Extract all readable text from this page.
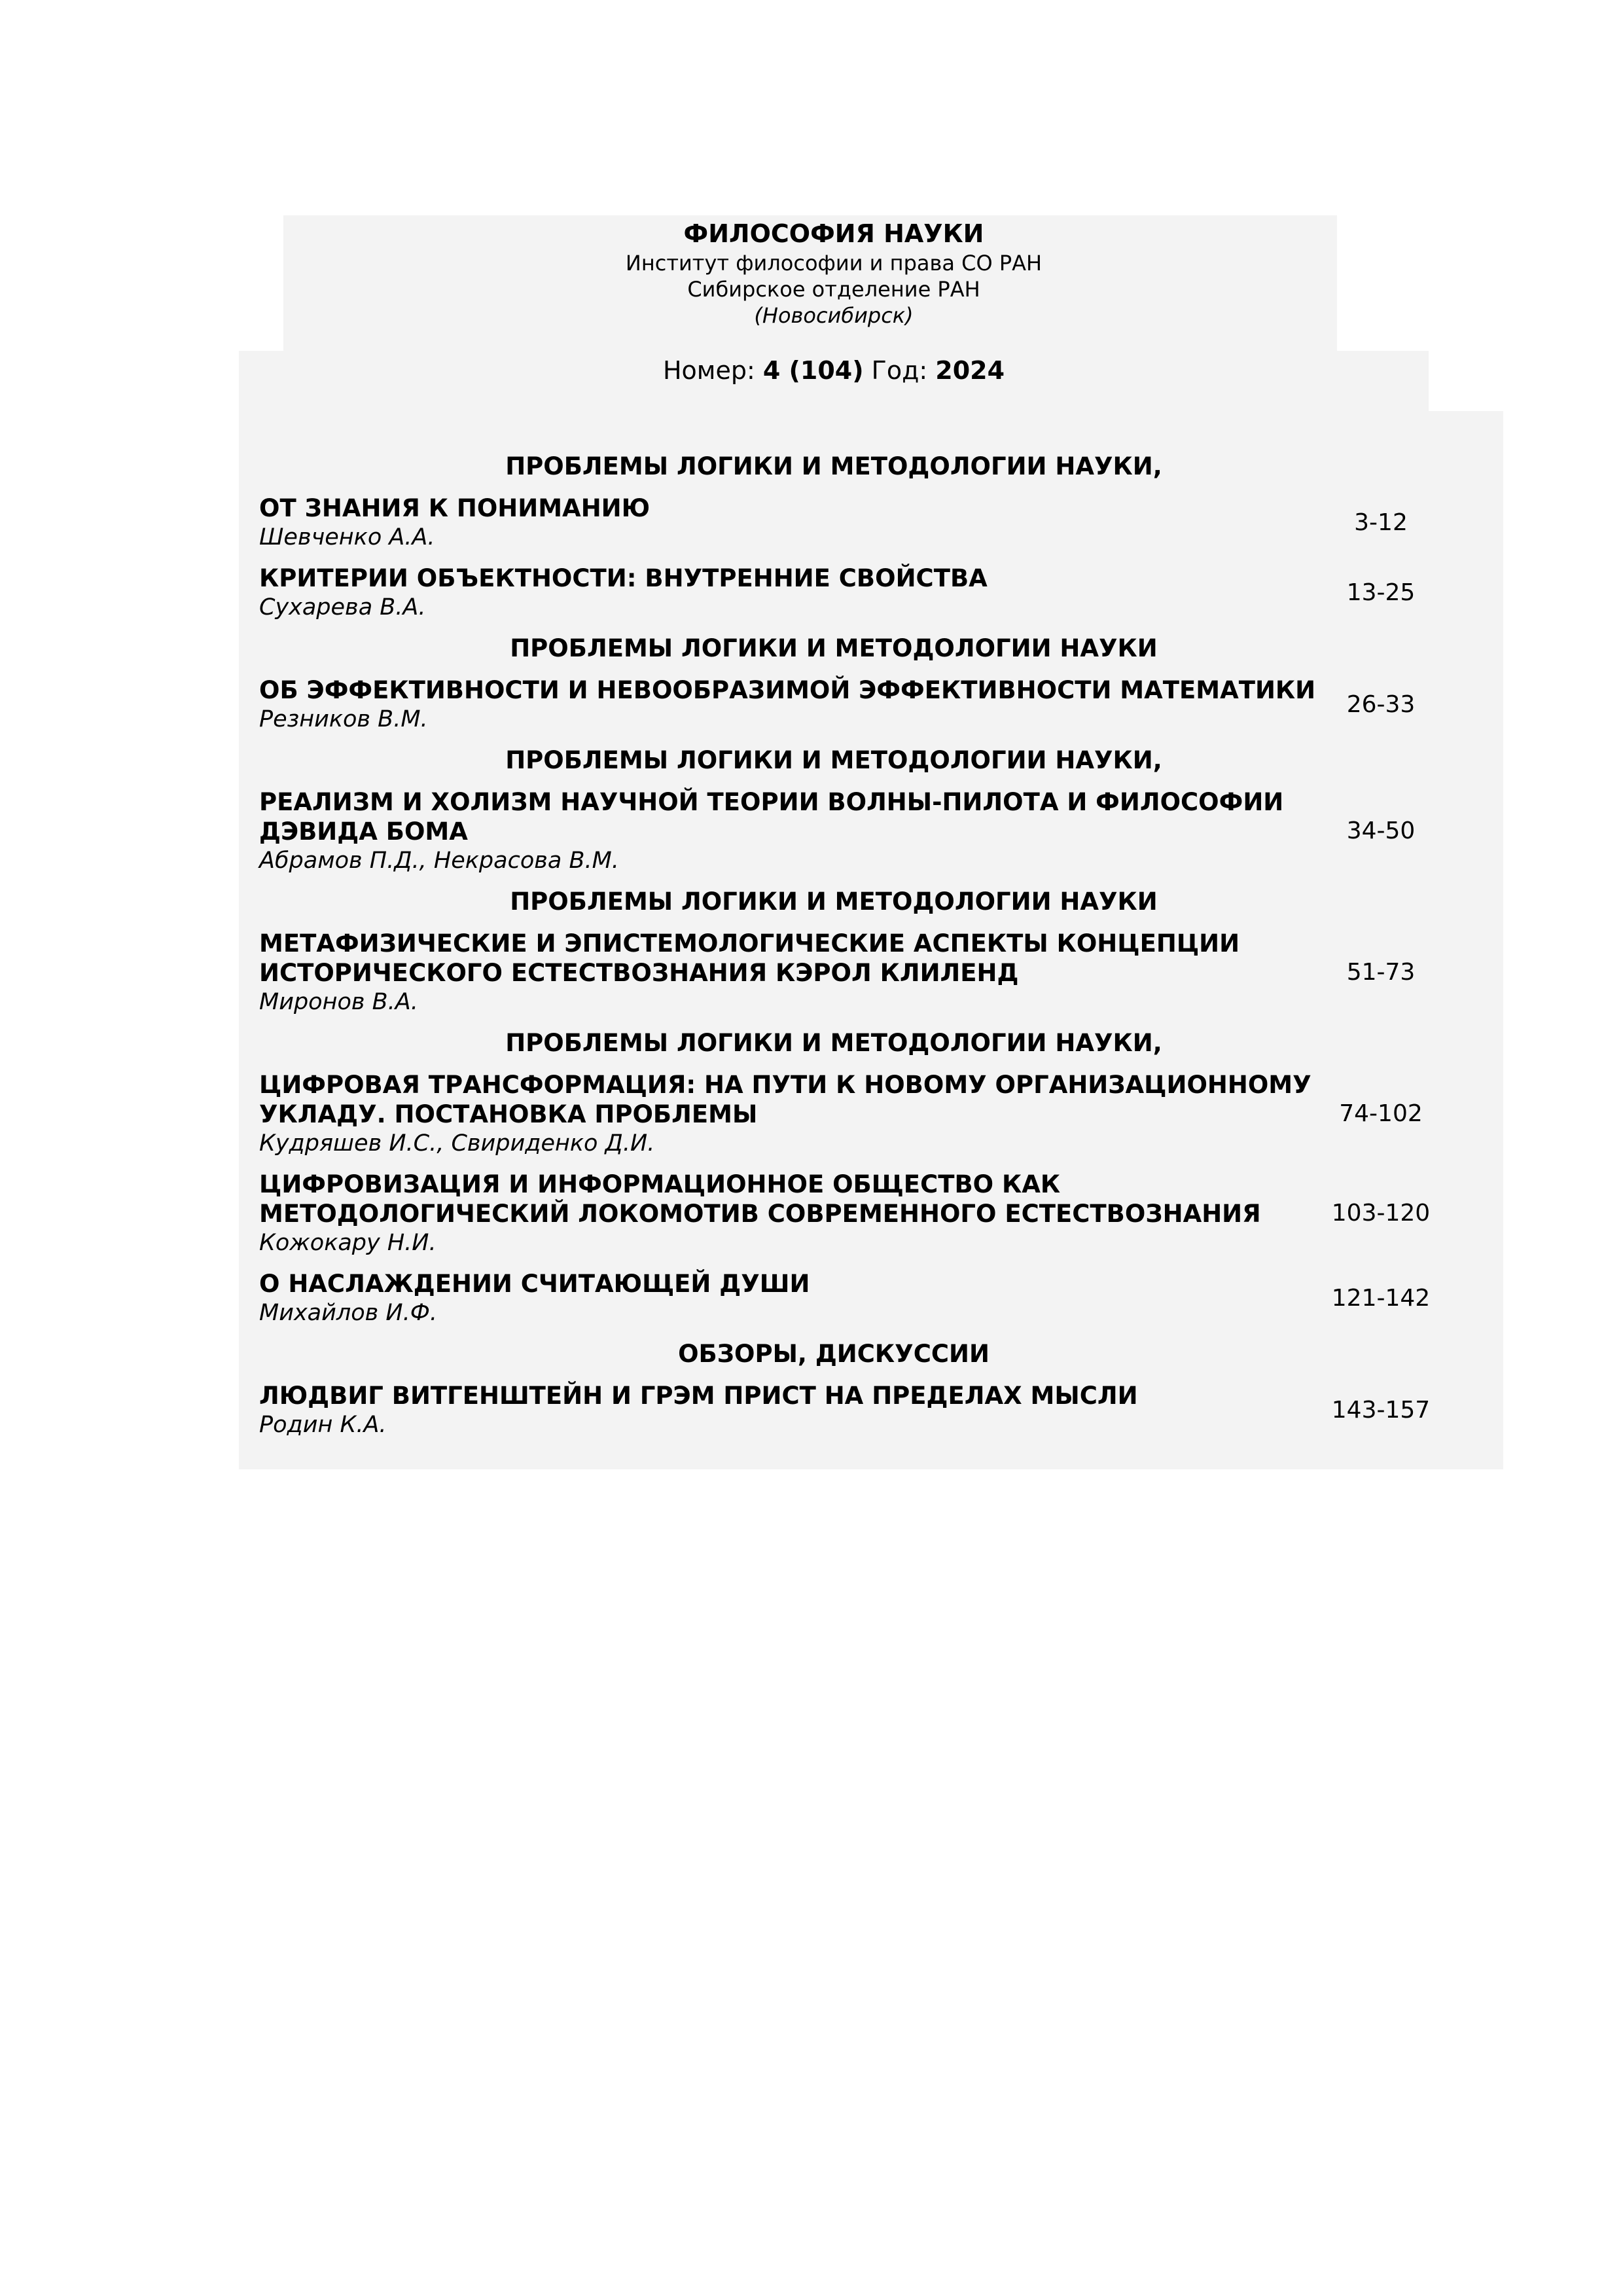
ФИЛОСОФИЯ НАУКИ
Институт философии и права СО РАН
Сибирское отделение РАН
(Новосибирск)
Номер: 4 (104) Год: 2024
ПРОБЛЕМЫ ЛОГИКИ И МЕТОДОЛОГИИ НАУКИ,
ОТ ЗНАНИЯ К ПОНИМАНИЮ
Шевченко А.А.
3-12
КРИТЕРИИ ОБЪЕКТНОСТИ: ВНУТРЕННИЕ СВОЙСТВА
Сухарева В.А.
13-25
ПРОБЛЕМЫ ЛОГИКИ И МЕТОДОЛОГИИ НАУКИ
ОБ ЭФФЕКТИВНОСТИ И НЕВООБРАЗИМОЙ ЭФФЕКТИВНОСТИ МАТЕМАТИКИ
Резников В.М.
26-33
ПРОБЛЕМЫ ЛОГИКИ И МЕТОДОЛОГИИ НАУКИ,
РЕАЛИЗМ И ХОЛИЗМ НАУЧНОЙ ТЕОРИИ ВОЛНЫ-ПИЛОТА И ФИЛОСОФИИ ДЭВИДА БОМА
Абрамов П.Д., Некрасова В.М.
34-50
ПРОБЛЕМЫ ЛОГИКИ И МЕТОДОЛОГИИ НАУКИ
МЕТАФИЗИЧЕСКИЕ И ЭПИСТЕМОЛОГИЧЕСКИЕ АСПЕКТЫ КОНЦЕПЦИИ ИСТОРИЧЕСКОГО ЕСТЕСТВОЗНАНИЯ КЭРОЛ КЛИЛЕНД
Миронов В.А.
51-73
ПРОБЛЕМЫ ЛОГИКИ И МЕТОДОЛОГИИ НАУКИ,
ЦИФРОВАЯ ТРАНСФОРМАЦИЯ: НА ПУТИ К НОВОМУ ОРГАНИЗАЦИОННОМУ УКЛАДУ. ПОСТАНОВКА ПРОБЛЕМЫ
Кудряшев И.С., Свириденко Д.И.
74-102
ЦИФРОВИЗАЦИЯ И ИНФОРМАЦИОННОЕ ОБЩЕСТВО КАК МЕТОДОЛОГИЧЕСКИЙ ЛОКОМОТИВ СОВРЕМЕННОГО ЕСТЕСТВОЗНАНИЯ
Кожокару Н.И.
103-120
О НАСЛАЖДЕНИИ СЧИТАЮЩЕЙ ДУШИ
Михайлов И.Ф.
121-142
ОБЗОРЫ, ДИСКУССИИ
ЛЮДВИГ ВИТГЕНШТЕЙН И ГРЭМ ПРИСТ НА ПРЕДЕЛАХ МЫСЛИ
Родин К.А.
143-157
